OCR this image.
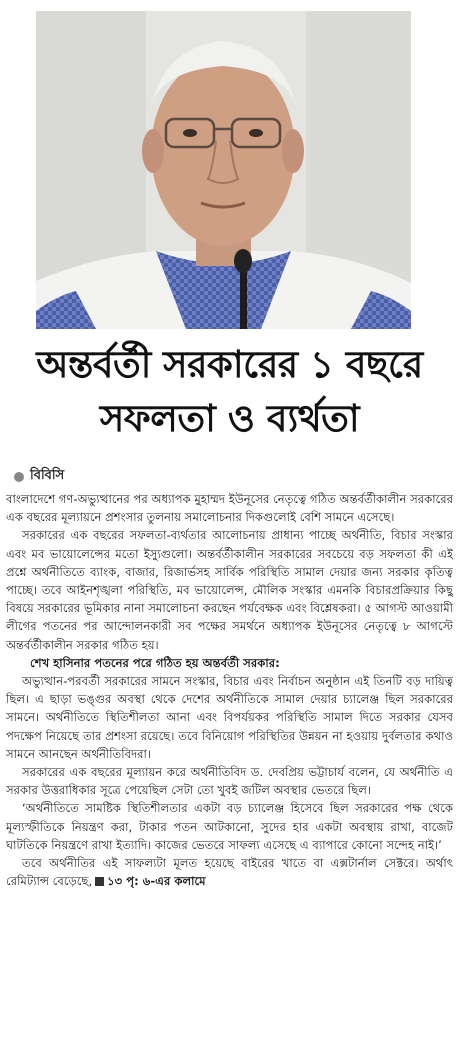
অন্তর্বর্তী সরকারের ১ বছরে
সফলতা ও ব্যর্থতা
বিবিসি

বাংলাদেশে গণ-অভ্যুত্থানের পর অধ্যাপক মুহাম্মদ ইউনূসের নেতৃত্বে গঠিত অন্তর্বর্তীকালীন সরকারের এক বছরের মূল্যায়নে প্রশংসার তুলনায় সমালোচনার দিকগুলোই বেশি সামনে এসেছে।

সরকারের এক বছরের সফলতা-ব্যর্থতার আলোচনায় প্রাধান্য পাচ্ছে অর্থনীতি, বিচার সংস্কার এবং মব ভায়োলেন্সের মতো ইস্যুগুলো। অন্তর্বর্তীকালীন সরকারের সবচেয়ে বড় সফলতা কী এই প্রশ্নে অর্থনীতিতে ব্যাংক, বাজার, রিজার্ভসহ সার্বিক পরিস্থিতি সামাল দেয়ার জন্য সরকার কৃতিত্ব পাচ্ছে। তবে আইনশৃঙ্খলা পরিস্থিতি, মব ভায়োলেন্স, মৌলিক সংস্কার এমনকি বিচারপ্রক্রিয়ার কিছু বিষয়ে সরকারের ভূমিকার নানা সমালোচনা করছেন পর্যবেক্ষক এবং বিশ্লেষকরা। ৫ আগস্ট আওয়ামী লীগের পতনের পর আন্দোলনকারী সব পক্ষের সমর্থনে অধ্যাপক ইউনূসের নেতৃত্বে ৮ আগস্টে অন্তর্বর্তীকালীন সরকার গঠিত হয়।

শেখ হাসিনার পতনের পরে গঠিত হয় অন্তর্বর্তী সরকার:

অভ্যুত্থান-পরবর্তী সরকারের সামনে সংস্কার, বিচার এবং নির্বাচন অনুষ্ঠান এই তিনটি বড় দায়িত্ব ছিল। এ ছাড়া ভঙ্গুর অবস্থা থেকে দেশের অর্থনীতিকে সামাল দেয়ার চ্যালেঞ্জ ছিল সরকারের সামনে। অর্থনীতিতে স্থিতিশীলতা আনা এবং বিপর্যয়কর পরিস্থিতি সামাল দিতে সরকার যেসব পদক্ষেপ নিয়েছে তার প্রশংসা রয়েছে। তবে বিনিয়োগ পরিস্থিতির উন্নয়ন না হওয়ায় দুর্বলতার কথাও সামনে আনছেন অর্থনীতিবিদরা।

সরকারের এক বছরের মূল্যায়ন করে অর্থনীতিবিদ ড. দেবপ্রিয় ভট্টাচার্য বলেন, যে অর্থনীতি এ সরকার উত্তরাধিকার সূত্রে পেয়েছিল সেটা তো খুবই জটিল অবস্থার ভেতরে ছিল।

‘অর্থনীতিতে সামষ্টিক স্থিতিশীলতার একটা বড় চ্যালেঞ্জ হিসেবে ছিল সরকারের পক্ষ থেকে মূল্যস্ফীতিকে নিয়ন্ত্রণ করা, টাকার পতন আটকানো, সুদের হার একটা অবস্থায় রাখা, বাজেট ঘাটতিকে নিয়ন্ত্রণে রাখা ইত্যাদি। কাজের ভেতরে সাফল্য এসেছে এ ব্যাপারে কোনো সন্দেহ নাই।’

তবে অর্থনীতির এই সাফল্যটা মূলত হয়েছে বাইরের খাতে বা এক্সটার্নাল সেক্টরে। অর্থাৎ রেমিট্যান্স বেড়েছে, ১৩ পৃ: ৬-এর কলামে
